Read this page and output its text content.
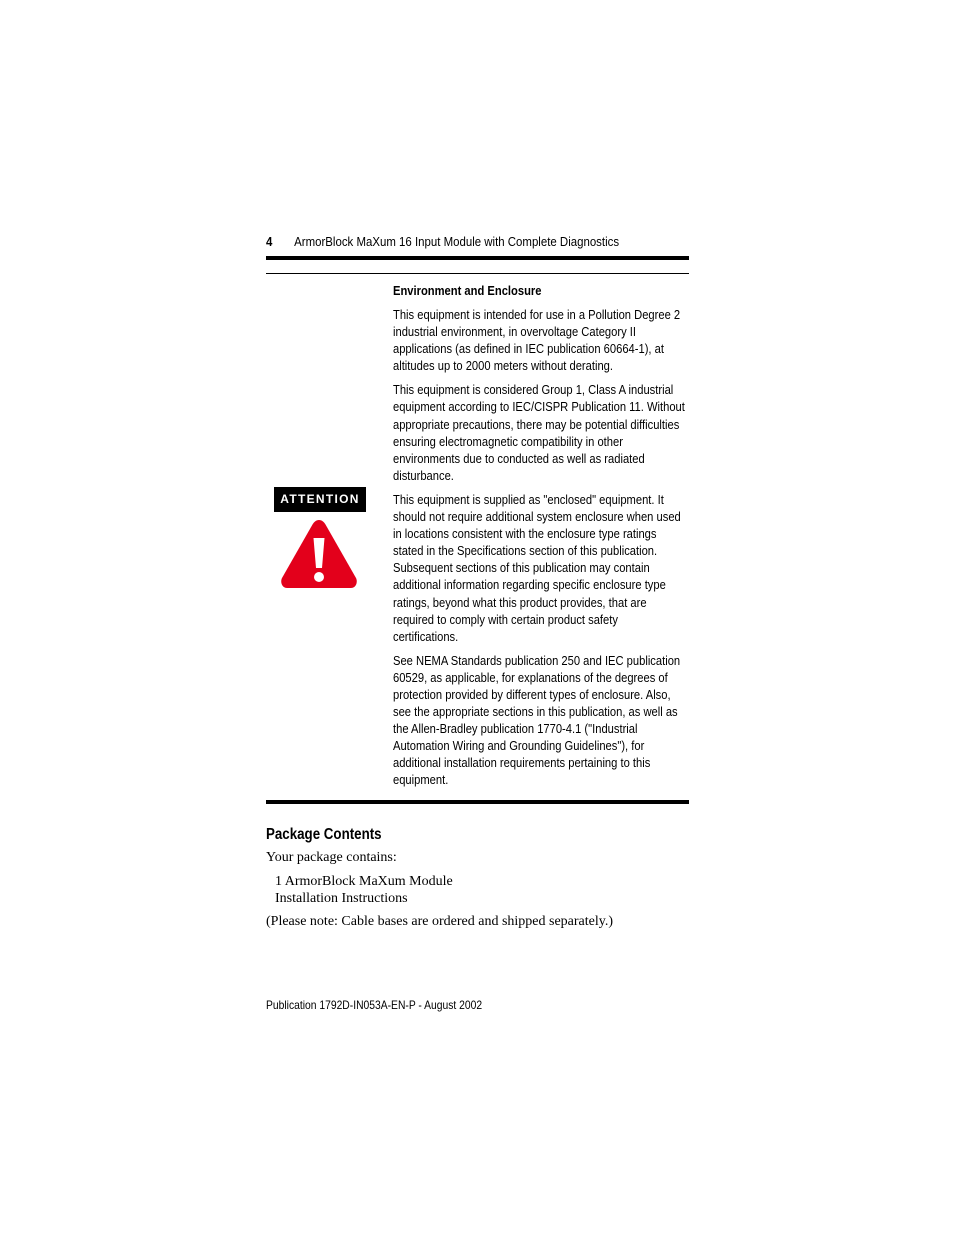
4 ArmorBlock MaXum 16 Input Module with Complete Diagnostics
ATTENTION
Environment and Enclosure

This equipment is intended for use in a Pollution Degree 2 industrial environment, in overvoltage Category II applications (as defined in IEC publication 60664-1), at altitudes up to 2000 meters without derating.

This equipment is considered Group 1, Class A industrial equipment according to IEC/CISPR Publication 11. Without appropriate precautions, there may be potential difficulties ensuring electromagnetic compatibility in other environments due to conducted as well as radiated disturbance.

This equipment is supplied as "enclosed" equipment. It should not require additional system enclosure when used in locations consistent with the enclosure type ratings stated in the Specifications section of this publication. Subsequent sections of this publication may contain additional information regarding specific enclosure type ratings, beyond what this product provides, that are required to comply with certain product safety certifications.

See NEMA Standards publication 250 and IEC publication 60529, as applicable, for explanations of the degrees of protection provided by different types of enclosure. Also, see the appropriate sections in this publication, as well as the Allen-Bradley publication 1770-4.1 ("Industrial Automation Wiring and Grounding Guidelines"), for additional installation requirements pertaining to this equipment.

Package Contents
Your package contains:
1 ArmorBlock MaXum Module
Installation Instructions
(Please note: Cable bases are ordered and shipped separately.)
Publication 1792D-IN053A-EN-P - August 2002
